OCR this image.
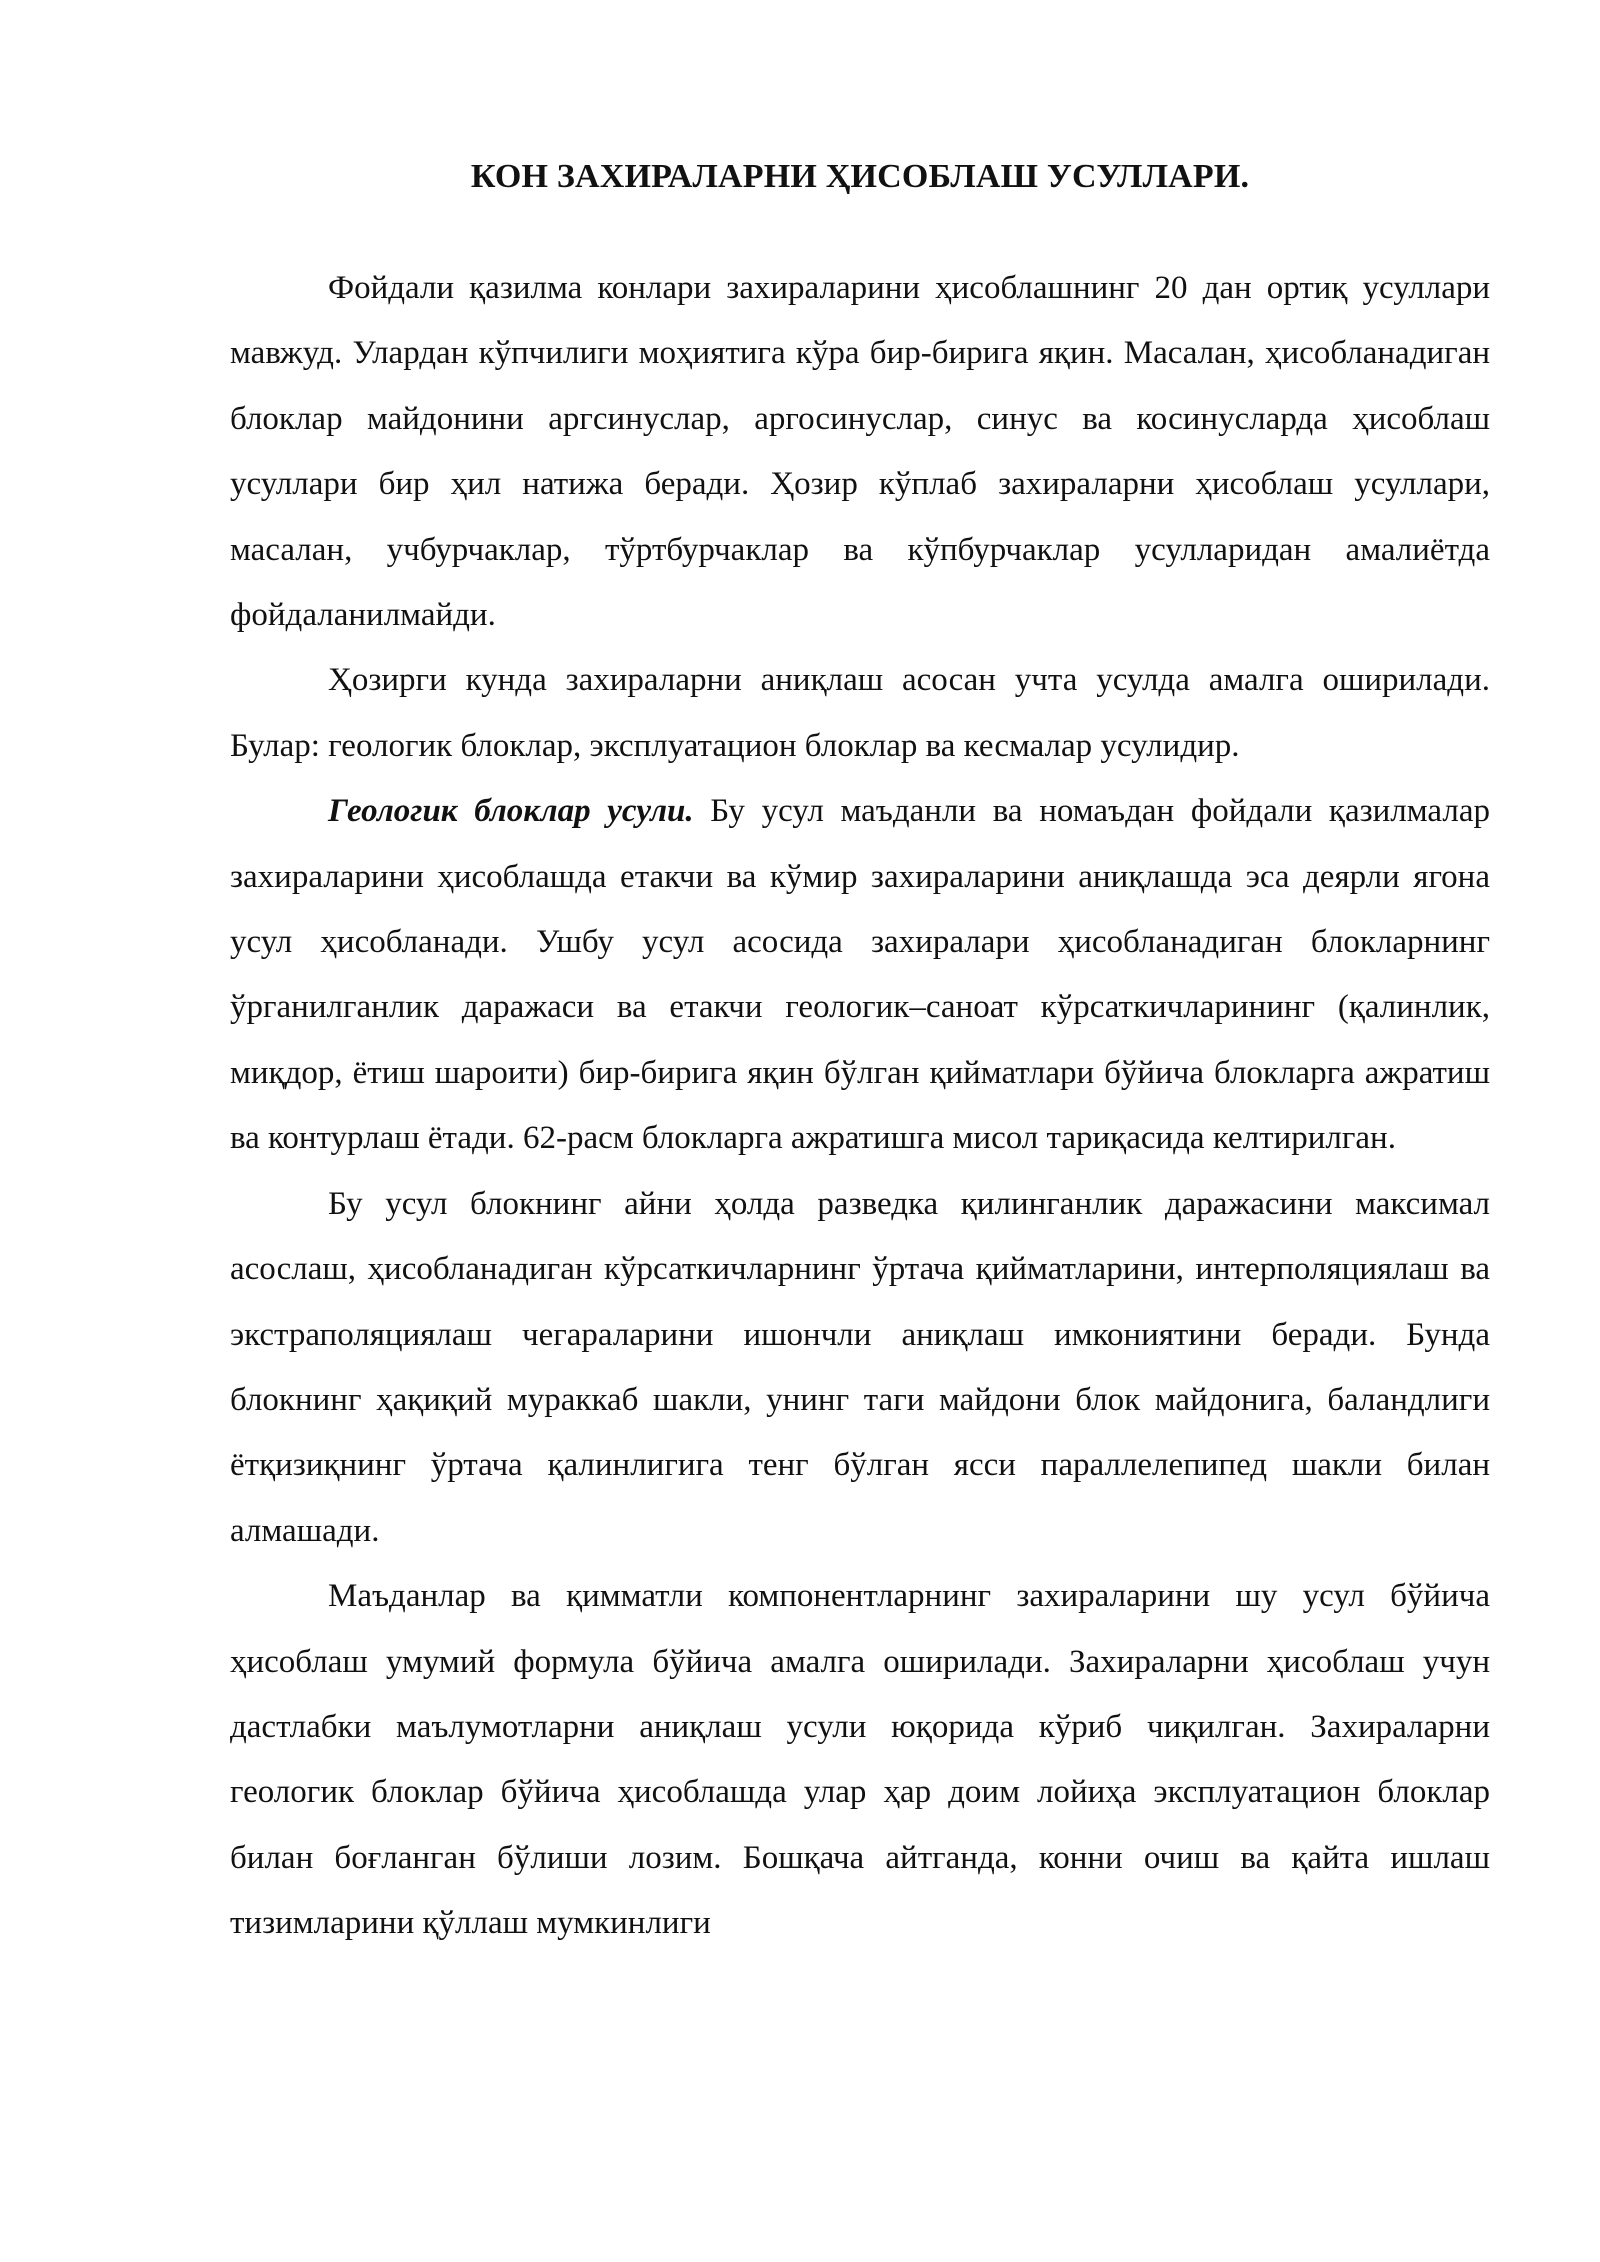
КОН ЗАХИРАЛАРНИ ҲИСОБЛАШ УСУЛЛАРИ.

Фойдали қазилма конлари захираларини ҳисоблашнинг 20 дан ортиқ усуллари мавжуд. Улардан кўпчилиги моҳиятига кўра бир-бирига яқин. Масалан, ҳисобланадиган блоклар майдонини аргсинуслар, аргосинуслар, синус ва косинусларда ҳисоблаш усуллари бир ҳил натижа беради. Ҳозир кўплаб захираларни ҳисоблаш усуллари, масалан, учбурчаклар, тўртбурчаклар ва кўпбурчаклар усулларидан амалиётда фойдаланилмайди.

Ҳозирги кунда захираларни аниқлаш асосан учта усулда амалга оширилади. Булар: геологик блоклар, эксплуатацион блоклар ва кесмалар усулидир.

Геологик блоклар усули. Бу усул маъданли ва номаъдан фойдали қазилмалар захираларини ҳисоблашда етакчи ва кўмир захираларини аниқлашда эса деярли ягона усул ҳисобланади. Ушбу усул асосида захиралари ҳисобланадиган блокларнинг ўрганилганлик даражаси ва етакчи геологик–саноат кўрсаткичларининг (қалинлик, миқдор, ётиш шароити) бир-бирига яқин бўлган қийматлари бўйича блокларга ажратиш ва контурлаш ётади. 62-расм блокларга ажратишга мисол тариқасида келтирилган.

Бу усул блокнинг айни ҳолда разведка қилинганлик даражасини максимал асослаш, ҳисобланадиган кўрсаткичларнинг ўртача қийматларини, интерполяциялаш ва экстраполяциялаш чегараларини ишончли аниқлаш имкониятини беради. Бунда блокнинг ҳақиқий мураккаб шакли, унинг таги майдони блок майдонига, баландлиги ётқизиқнинг ўртача қалинлигига тенг бўлган ясси параллелепипед шакли билан алмашади.

Маъданлар ва қимматли компонентларнинг захираларини шу усул бўйича ҳисоблаш умумий формула бўйича амалга оширилади. Захираларни ҳисоблаш учун дастлабки маълумотларни аниқлаш усули юқорида кўриб чиқилган. Захираларни геологик блоклар бўйича ҳисоблашда улар ҳар доим лойиҳа эксплуатацион блоклар билан боғланган бўлиши лозим. Бошқача айтганда, конни очиш ва қайта ишлаш тизимларини қўллаш мумкинлиги
